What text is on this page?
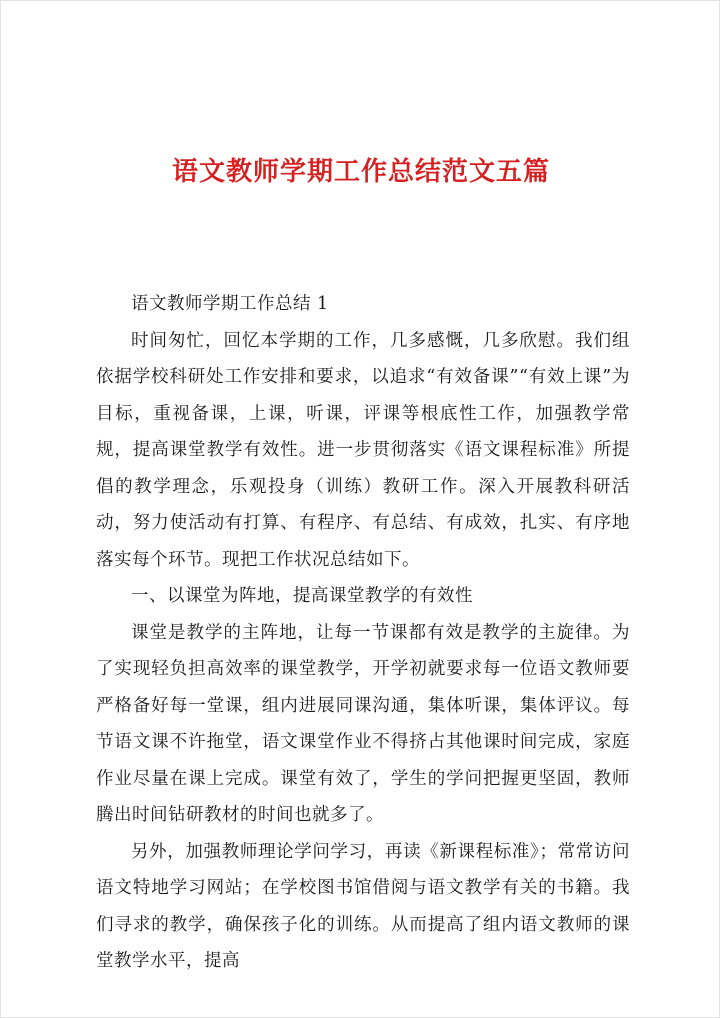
语文教师学期工作总结范文五篇

语文教师学期工作总结 1

时间匆忙，回忆本学期的工作，几多感慨，几多欣慰。我们组依据学校科研处工作安排和要求，以追求“有效备课”“有效上课”为目标，重视备课，上课，听课，评课等根底性工作，加强教学常规，提高课堂教学有效性。进一步贯彻落实《语文课程标准》所提倡的教学理念，乐观投身（训练）教研工作。深入开展教科研活动，努力使活动有打算、有程序、有总结、有成效，扎实、有序地落实每个环节。现把工作状况总结如下。

一、以课堂为阵地，提高课堂教学的有效性

课堂是教学的主阵地，让每一节课都有效是教学的主旋律。为了实现轻负担高效率的课堂教学，开学初就要求每一位语文教师要严格备好每一堂课，组内进展同课沟通，集体听课，集体评议。每节语文课不许拖堂，语文课堂作业不得挤占其他课时间完成，家庭作业尽量在课上完成。课堂有效了，学生的学问把握更坚固，教师腾出时间钻研教材的时间也就多了。

另外，加强教师理论学问学习，再读《新课程标准》；常常访问语文特地学习网站；在学校图书馆借阅与语文教学有关的书籍。我们寻求的教学，确保孩子化的训练。从而提高了组内语文教师的课堂教学水平，提高
